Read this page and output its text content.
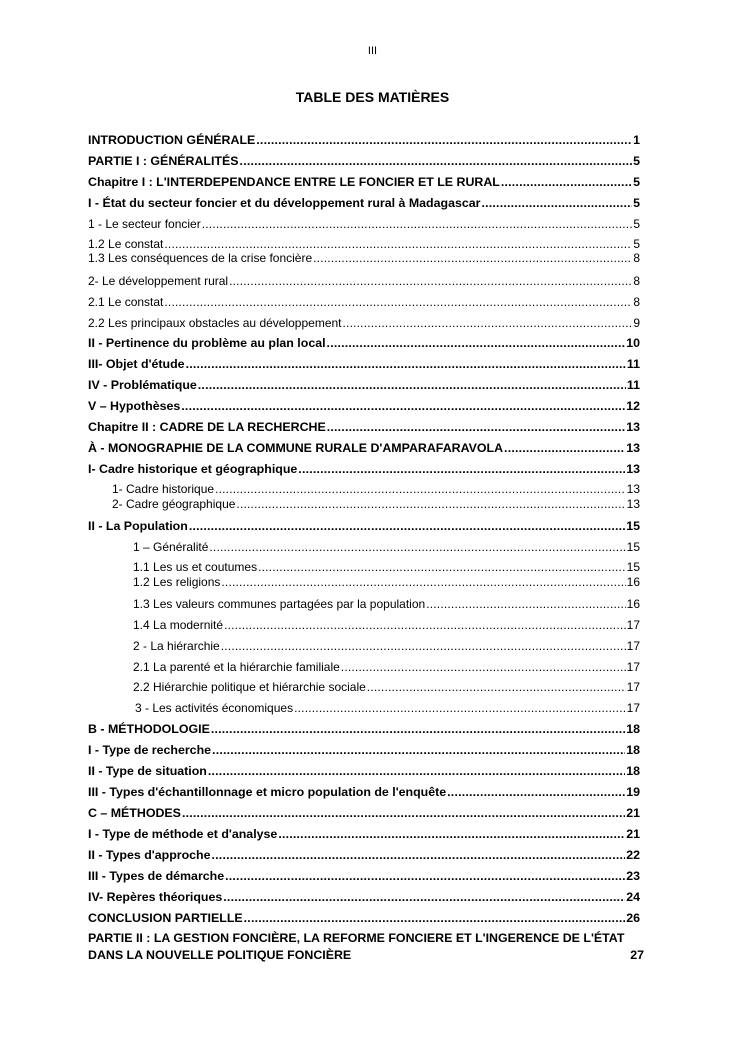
III
TABLE DES MATIÈRES
INTRODUCTION GÉNÉRALE .....	1
PARTIE I : GÉNÉRALITÉS .....	5
Chapitre I : L'INTERDEPENDANCE ENTRE LE FONCIER ET LE RURAL .....	5
I - État du secteur foncier et du développement rural à Madagascar .....	5
1 - Le secteur foncier .....	5
1.2 Le constat .....	5
1.3 Les conséquences de la crise foncière .....	8
2- Le développement rural .....	8
2.1 Le constat .....	8
2.2 Les principaux obstacles au développement .....	9
II - Pertinence du problème au plan local .....	10
III- Objet d'étude .....	11
IV - Problématique .....	11
V – Hypothèses .....	12
Chapitre II : CADRE DE LA RECHERCHE .....	13
À - MONOGRAPHIE DE LA COMMUNE RURALE D'AMPARAFARAVOLA .....	13
I- Cadre historique et géographique .....	13
1- Cadre historique .....	13
2- Cadre géographique .....	13
II - La Population .....	15
1 – Généralité .....	15
1.1 Les us et coutumes .....	15
1.2 Les religions .....	16
1.3 Les valeurs communes partagées par la population .....	16
1.4 La modernité .....	17
2 - La hiérarchie .....	17
2.1 La parenté et la hiérarchie familiale .....	17
2.2 Hiérarchie politique et hiérarchie sociale .....	17
3 - Les activités économiques .....	17
B - MÉTHODOLOGIE .....	18
I - Type de recherche .....	18
II - Type de situation .....	18
III - Types d'échantillonnage et micro population de l'enquête .....	19
C – MÉTHODES .....	21
I - Type de méthode et d'analyse .....	21
II - Types d'approche .....	22
III - Types de démarche .....	23
IV- Repères théoriques .....	24
CONCLUSION PARTIELLE .....	26
PARTIE II : LA GESTION FONCIÈRE, LA REFORME FONCIERE ET L'INGERENCE DE L'ÉTAT DANS LA NOUVELLE POLITIQUE FONCIÈRE	27
